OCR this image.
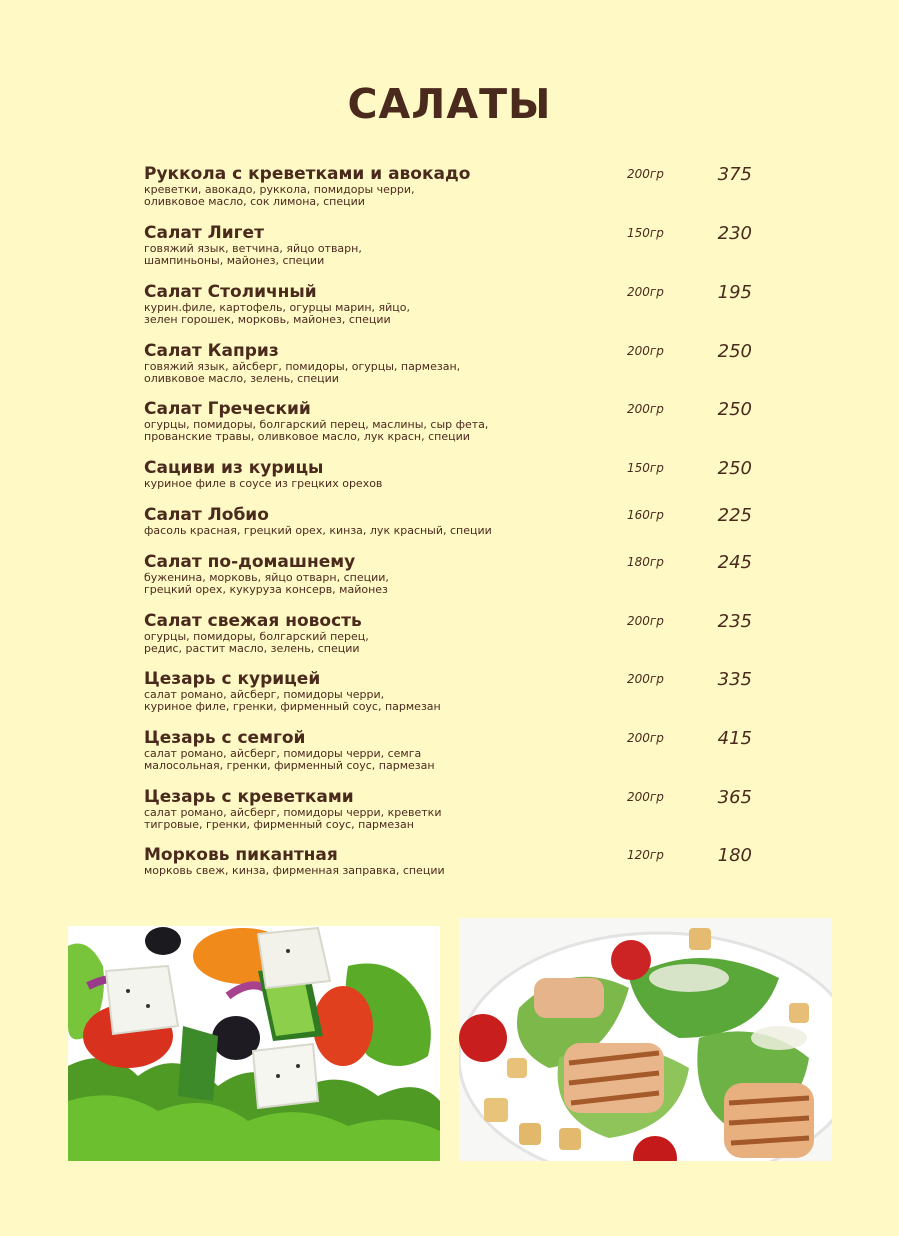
САЛАТЫ
Руккола с креветками и авокадо
креветки, авокадо, руккола, помидоры черри,
оливковое масло, сок лимона, специи
200гр	375
Салат Лигет
говяжий язык, ветчина, яйцо отварн,
шампиньоны, майонез, специи
150гр	230
Салат Столичный
курин.филе, картофель, огурцы марин, яйцо,
зелен горошек, морковь, майонез, специи
200гр	195
Салат Каприз
говяжий язык, айсберг, помидоры, огурцы, пармезан,
оливковое масло, зелень, специи
200гр	250
Салат Греческий
огурцы, помидоры, болгарский перец, маслины, сыр фета,
прованские травы, оливковое масло, лук красн, специи
200гр	250
Сациви из курицы
куриное филе в соусе из грецких орехов
150гр	250
Салат Лобио
фасоль красная, грецкий орех, кинза, лук красный, специи
160гр	225
Салат по-домашнему
буженина, морковь, яйцо отварн, специи,
грецкий орех, кукуруза консерв, майонез
180гр	245
Салат свежая новость
огурцы, помидоры, болгарский перец,
редис, растит масло, зелень, специи
200гр	235
Цезарь с курицей
салат романо, айсберг, помидоры черри,
куриное филе, гренки, фирменный соус, пармезан
200гр	335
Цезарь с семгой
салат романо, айсберг, помидоры черри, семга
малосольная, гренки, фирменный соус, пармезан
200гр	415
Цезарь с креветками
салат романо, айсберг, помидоры черри, креветки
тигровые, гренки, фирменный соус, пармезан
200гр	365
Морковь пикантная
морковь свеж, кинза, фирменная заправка, специи
120гр	180
